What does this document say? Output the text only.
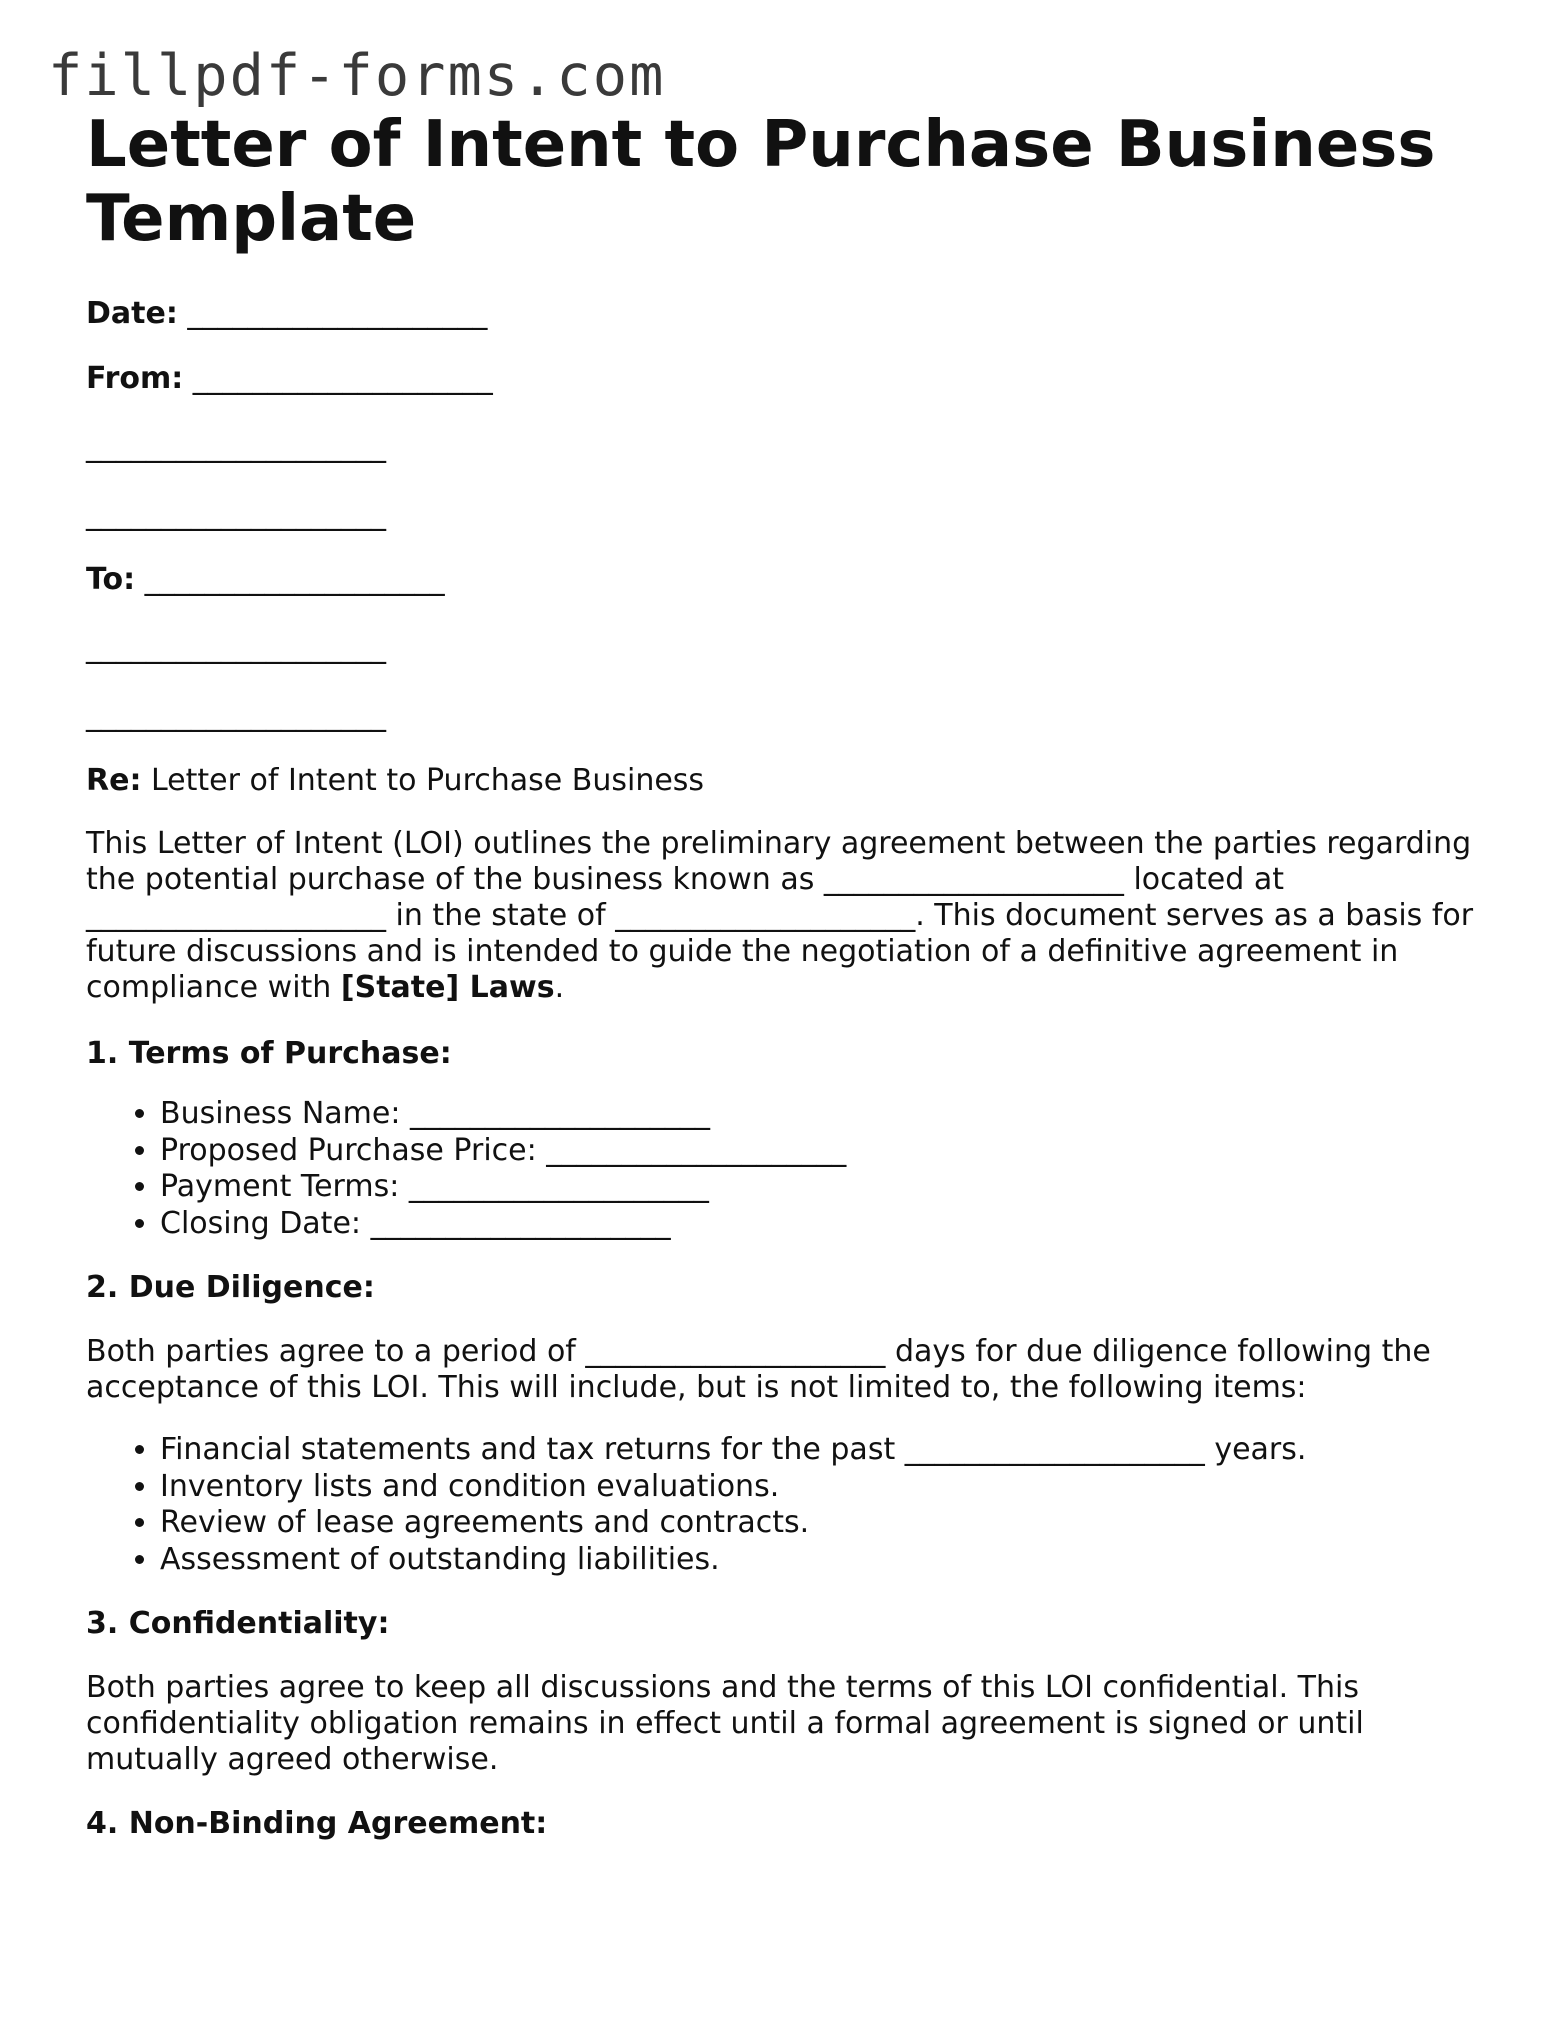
fillpdf-forms.com
Letter of Intent to Purchase Business Template

Date: ____________________

From: ____________________

____________________

____________________

To: ____________________

____________________

____________________

Re: Letter of Intent to Purchase Business

This Letter of Intent (LOI) outlines the preliminary agreement between the parties regarding the potential purchase of the business known as ____________________ located at ____________________ in the state of ____________________. This document serves as a basis for future discussions and is intended to guide the negotiation of a definitive agreement in compliance with [State] Laws.

1. Terms of Purchase:
• Business Name: ____________________
• Proposed Purchase Price: ____________________
• Payment Terms: ____________________
• Closing Date: ____________________
2. Due Diligence:

Both parties agree to a period of ____________________ days for due diligence following the acceptance of this LOI. This will include, but is not limited to, the following items:

• Financial statements and tax returns for the past ____________________ years.
• Inventory lists and condition evaluations.
• Review of lease agreements and contracts.
• Assessment of outstanding liabilities.
3. Confidentiality:

Both parties agree to keep all discussions and the terms of this LOI confidential. This confidentiality obligation remains in effect until a formal agreement is signed or until mutually agreed otherwise.

4. Non-Binding Agreement:
